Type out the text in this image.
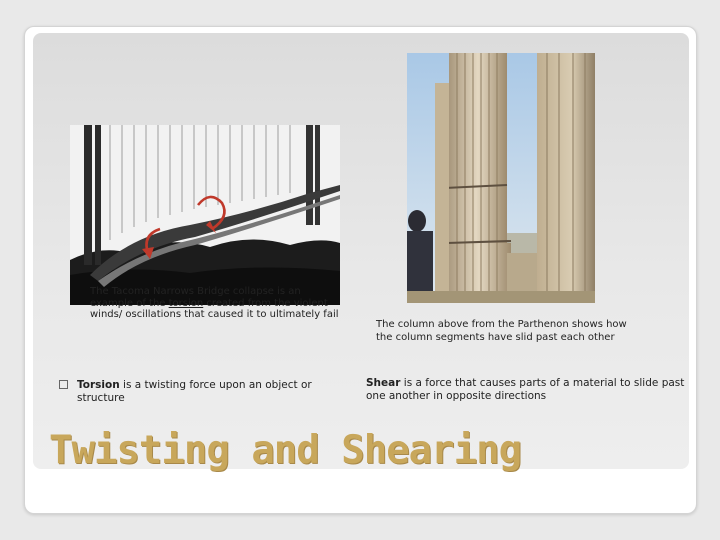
The Tacoma Narrows Bridge collapse is an example of the torsion created from the violent winds/ oscillations that caused it to ultimately fail
The column above from the Parthenon shows how the column segments have slid past each other
Torsion is a twisting force upon an object or structure
Shear is a force that causes parts of a material to slide past one another in opposite directions
Twisting and Shearing
